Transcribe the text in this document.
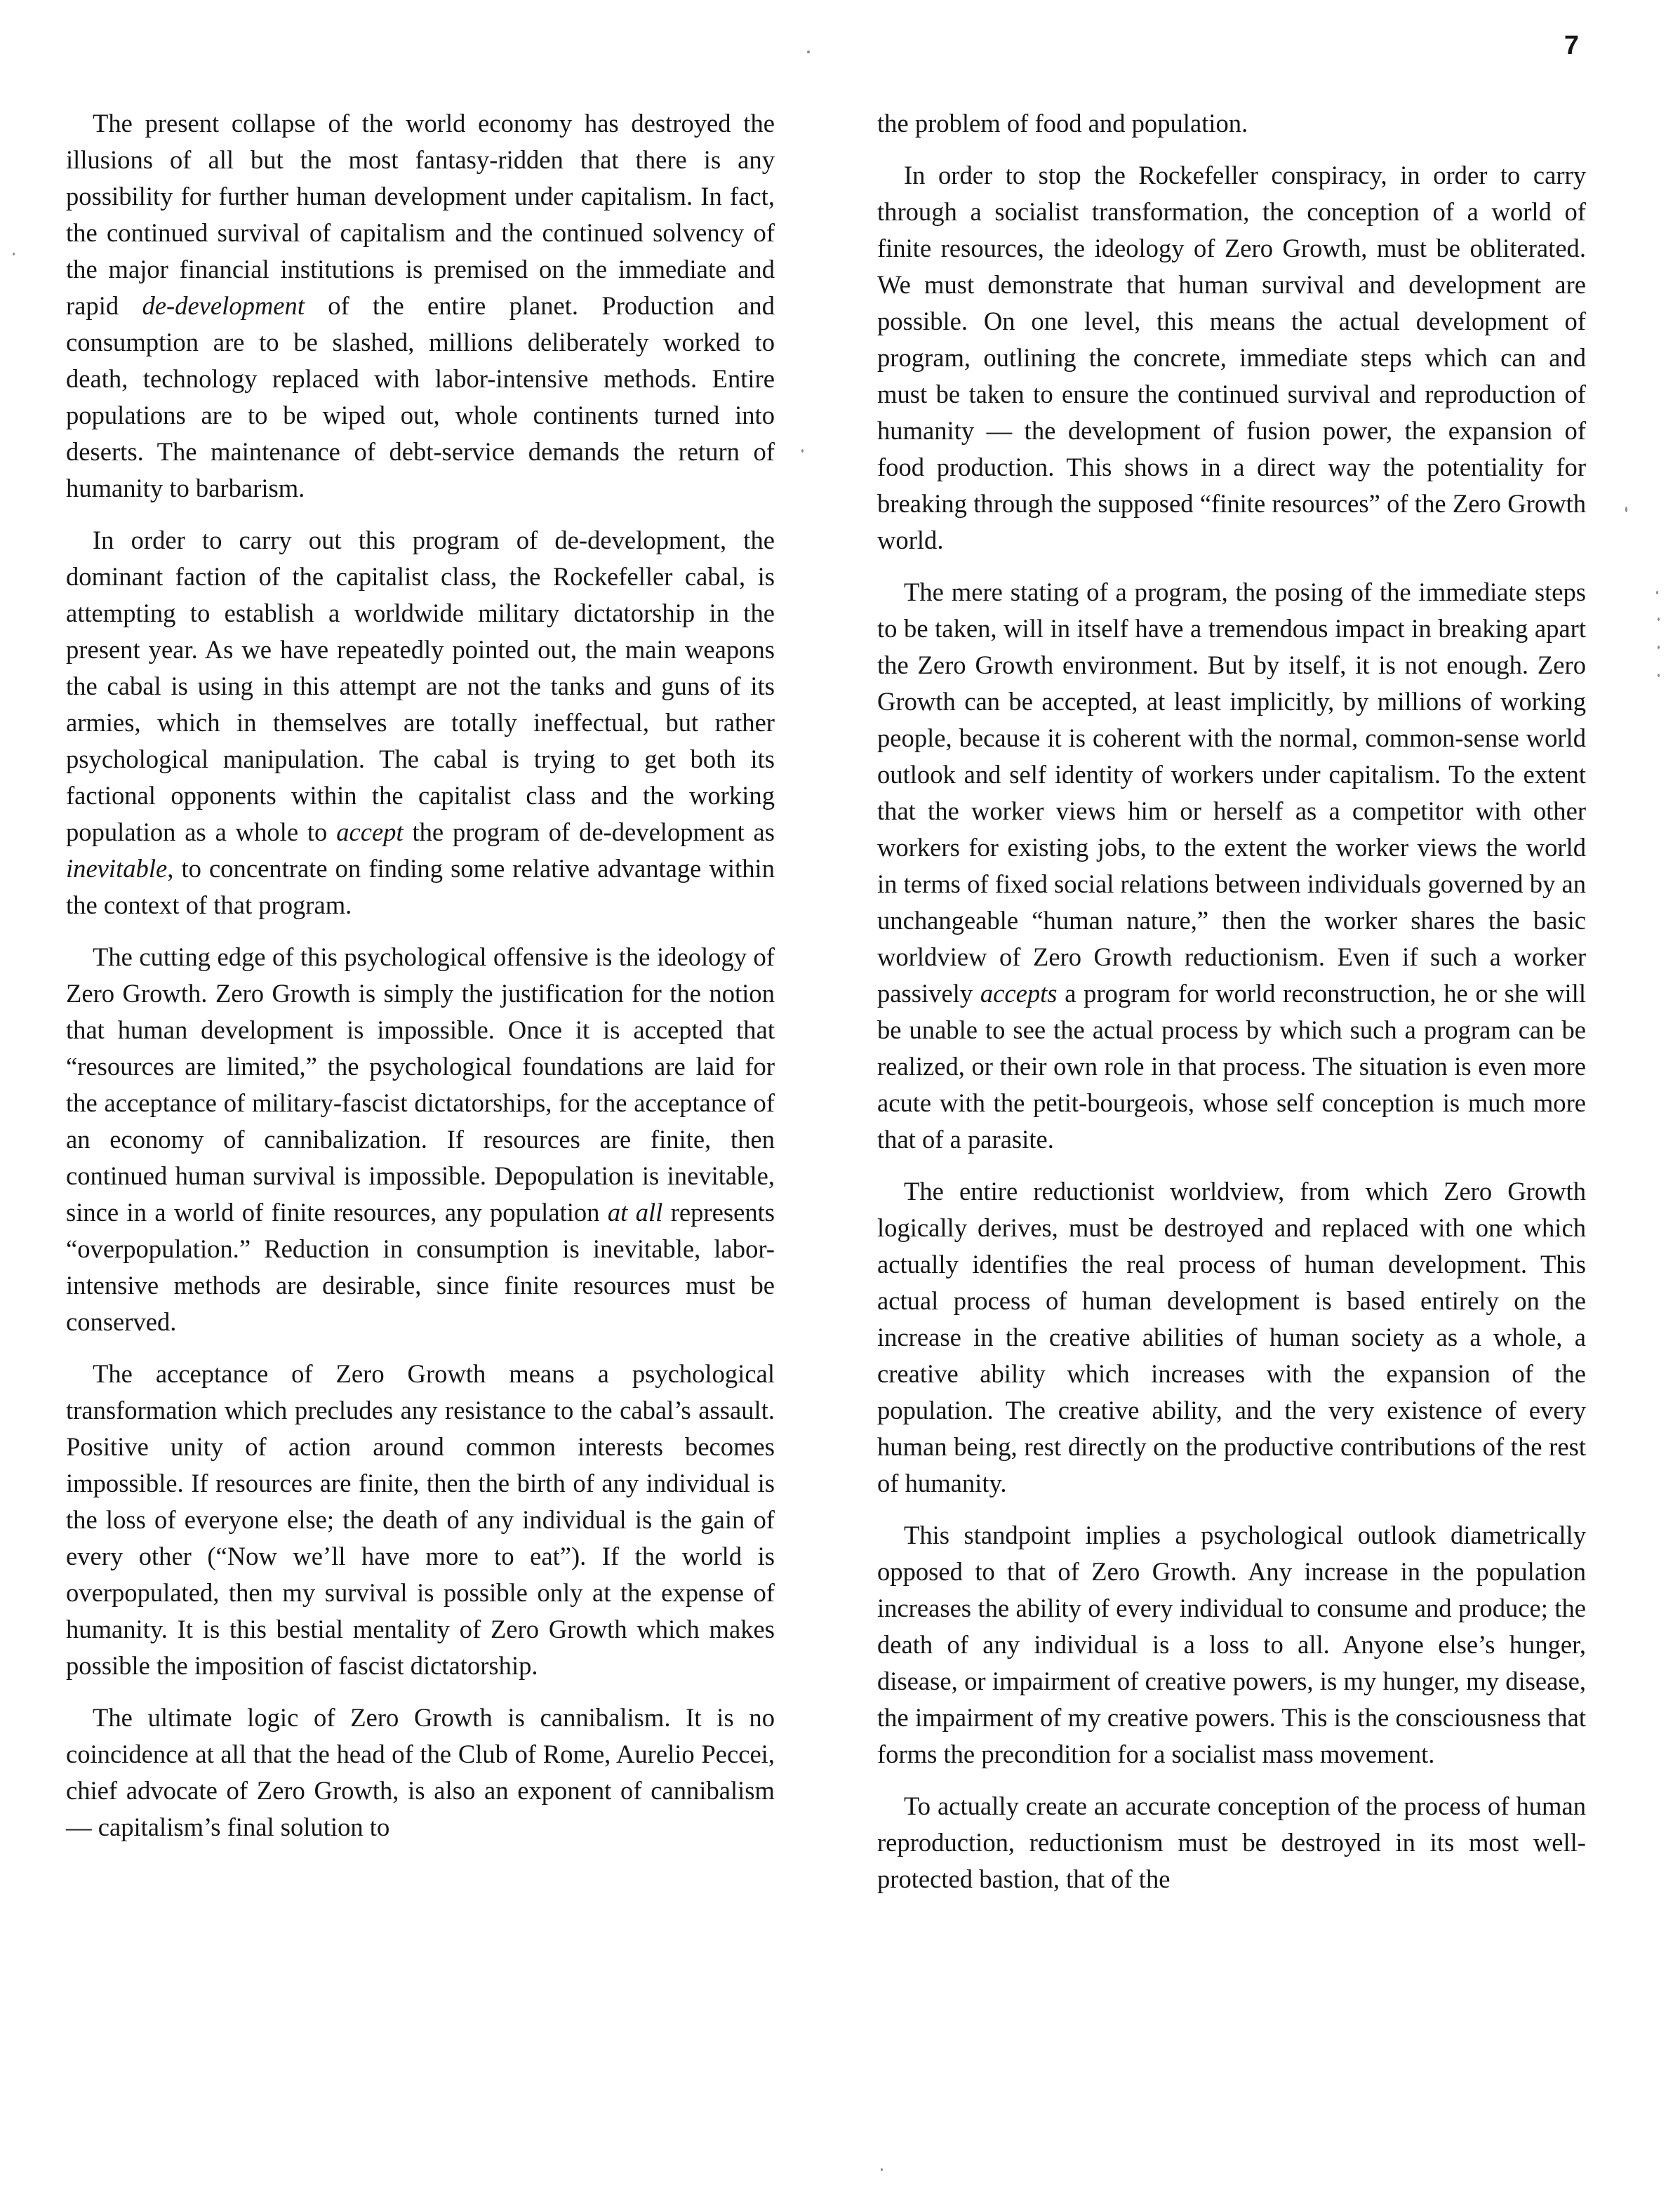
7

The present collapse of the world economy has destroyed the illusions of all but the most fantasy-ridden that there is any possibility for further human development under capitalism. In fact, the continued survival of capitalism and the continued solvency of the major financial institutions is premised on the immediate and rapid de-development of the entire planet. Production and consumption are to be slashed, millions deliberately worked to death, technology replaced with labor-intensive methods. Entire populations are to be wiped out, whole continents turned into deserts. The maintenance of debt-service demands the return of humanity to barbarism.

In order to carry out this program of de-development, the dominant faction of the capitalist class, the Rockefeller cabal, is attempting to establish a worldwide military dictatorship in the present year. As we have repeatedly pointed out, the main weapons the cabal is using in this attempt are not the tanks and guns of its armies, which in themselves are totally ineffectual, but rather psychological manipulation. The cabal is trying to get both its factional opponents within the capitalist class and the working population as a whole to accept the program of de-development as inevitable, to concentrate on finding some relative advantage within the context of that program.

The cutting edge of this psychological offensive is the ideology of Zero Growth. Zero Growth is simply the justification for the notion that human development is impossible. Once it is accepted that “resources are limited,” the psychological foundations are laid for the acceptance of military-fascist dictatorships, for the acceptance of an economy of cannibalization. If resources are finite, then continued human survival is impossible. Depopulation is inevitable, since in a world of finite resources, any population at all represents “overpopulation.” Reduction in consumption is inevitable, labor-intensive methods are desirable, since finite resources must be conserved.

The acceptance of Zero Growth means a psychological transformation which precludes any resistance to the cabal’s assault. Positive unity of action around common interests becomes impossible. If resources are finite, then the birth of any individual is the loss of everyone else; the death of any individual is the gain of every other (“Now we’ll have more to eat”). If the world is overpopulated, then my survival is possible only at the expense of humanity. It is this bestial mentality of Zero Growth which makes possible the imposition of fascist dictatorship.

The ultimate logic of Zero Growth is cannibalism. It is no coincidence at all that the head of the Club of Rome, Aurelio Peccei, chief advocate of Zero Growth, is also an exponent of cannibalism — capitalism’s final solution to

the problem of food and population.

In order to stop the Rockefeller conspiracy, in order to carry through a socialist transformation, the conception of a world of finite resources, the ideology of Zero Growth, must be obliterated. We must demonstrate that human survival and development are possible. On one level, this means the actual development of program, outlining the concrete, immediate steps which can and must be taken to ensure the continued survival and reproduction of humanity — the development of fusion power, the expansion of food production. This shows in a direct way the potentiality for breaking through the supposed “finite resources” of the Zero Growth world.

The mere stating of a program, the posing of the immediate steps to be taken, will in itself have a tremendous impact in breaking apart the Zero Growth environment. But by itself, it is not enough. Zero Growth can be accepted, at least implicitly, by millions of working people, because it is coherent with the normal, common-sense world outlook and self identity of workers under capitalism. To the extent that the worker views him or herself as a competitor with other workers for existing jobs, to the extent the worker views the world in terms of fixed social relations between individuals governed by an unchangeable “human nature,” then the worker shares the basic worldview of Zero Growth reductionism. Even if such a worker passively accepts a program for world reconstruction, he or she will be unable to see the actual process by which such a program can be realized, or their own role in that process. The situation is even more acute with the petit-bourgeois, whose self conception is much more that of a parasite.

The entire reductionist worldview, from which Zero Growth logically derives, must be destroyed and replaced with one which actually identifies the real process of human development. This actual process of human development is based entirely on the increase in the creative abilities of human society as a whole, a creative ability which increases with the expansion of the population. The creative ability, and the very existence of every human being, rest directly on the productive contributions of the rest of humanity.

This standpoint implies a psychological outlook diametrically opposed to that of Zero Growth. Any increase in the population increases the ability of every individual to consume and produce; the death of any individual is a loss to all. Anyone else’s hunger, disease, or impairment of creative powers, is my hunger, my disease, the impairment of my creative powers. This is the consciousness that forms the precondition for a socialist mass movement.

To actually create an accurate conception of the process of human reproduction, reductionism must be destroyed in its most well-protected bastion, that of the
